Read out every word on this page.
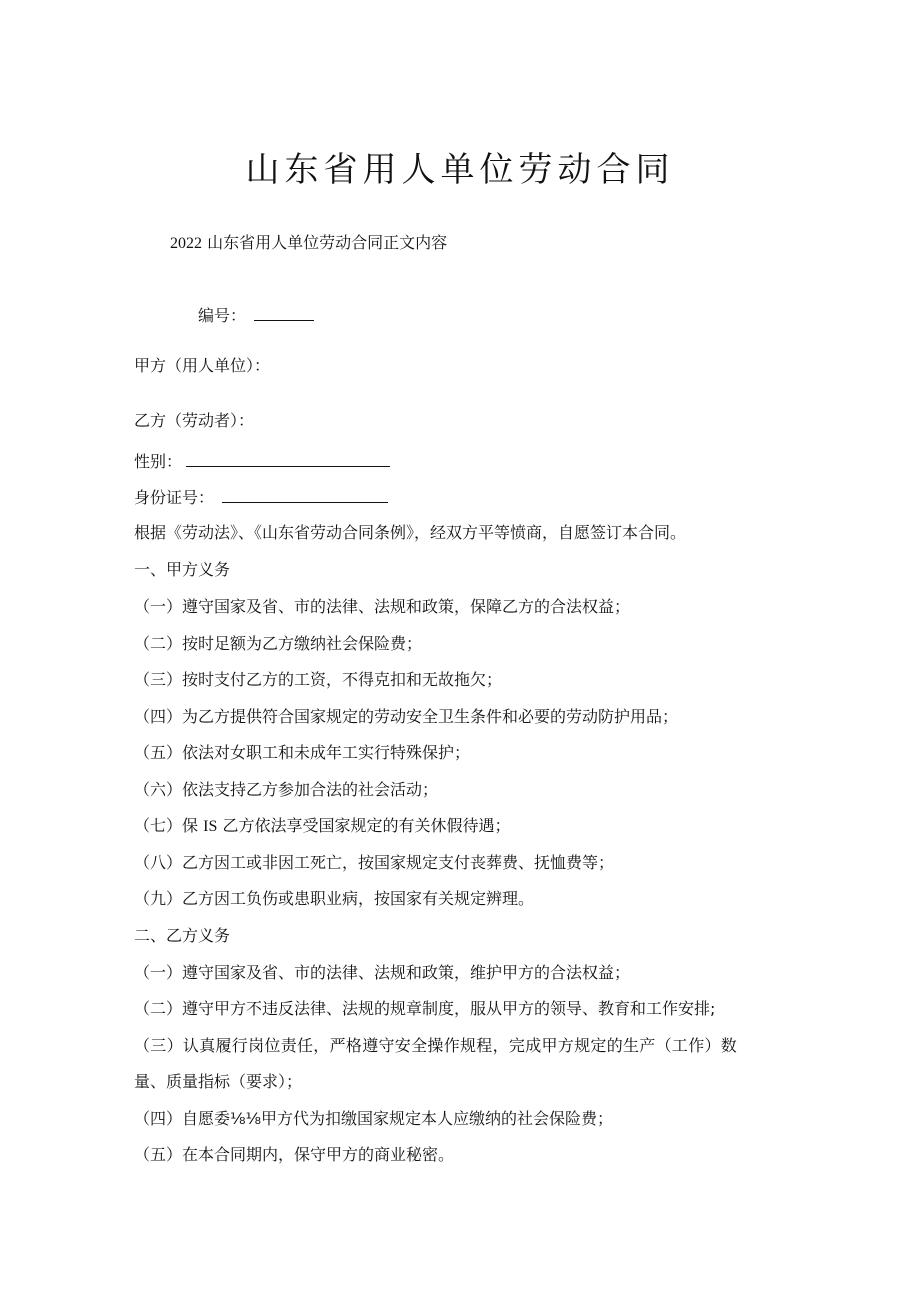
山东省用人单位劳动合同
2022 山东省用人单位劳动合同正文内容
编号：
甲方（用人单位）：
乙方（劳动者）：
性别：
身份证号：
根据《劳动法》、《山东省劳动合同条例》，经双方平等愤商，自愿签订本合同。
一、甲方义务
（一）遵守国家及省、市的法律、法规和政策，保障乙方的合法权益；
（二）按时足额为乙方缴纳社会保险费；
（三）按时支付乙方的工资，不得克扣和无故拖欠；
（四）为乙方提供符合国家规定的劳动安全卫生条件和必要的劳动防护用品；
（五）依法对女职工和未成年工实行特殊保护；
（六）依法支持乙方参加合法的社会活动；
（七）保 IS 乙方依法享受国家规定的有关休假待遇；
（八）乙方因工或非因工死亡，按国家规定支付丧葬费、抚恤费等；
（九）乙方因工负伤或患职业病，按国家有关规定辨理。
二、乙方义务
（一）遵守国家及省、市的法律、法规和政策，维护甲方的合法权益；
（二）遵守甲方不违反法律、法规的规章制度，服从甲方的领导、教育和工作安排;
（三）认真履行岗位责任，严格遵守安全操作规程，完成甲方规定的生产（工作）数
量、质量指标（要求）；
（四）自愿委⅛⅛甲方代为扣缴国家规定本人应缴纳的社会保险费；
（五）在本合同期内，保守甲方的商业秘密。
